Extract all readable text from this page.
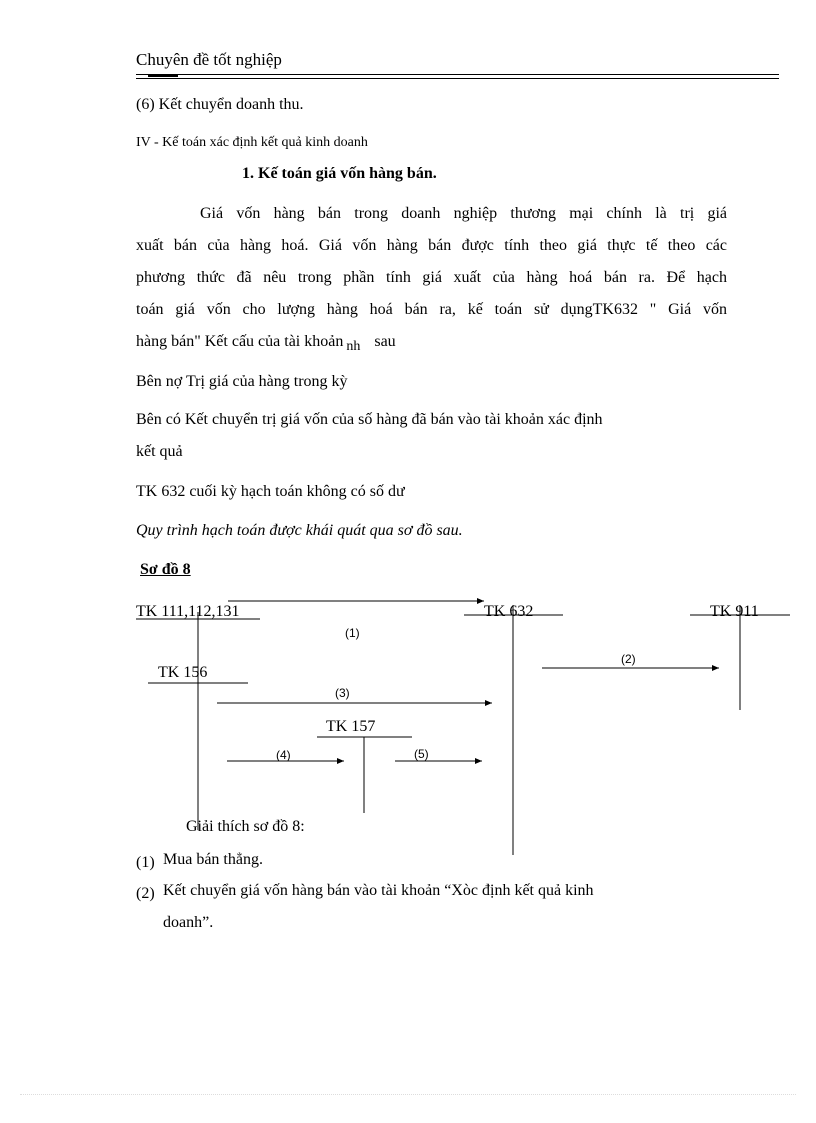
Chuyên đề tốt nghiệp
(6) Kết chuyển doanh thu.
IV - Kế toán xác định kết quả kinh doanh
1. Kế toán giá vốn hàng bán.
Giá vốn hàng bán trong doanh nghiệp thương mại chính là trị giá
xuất bán của hàng hoá. Giá vốn hàng bán được tính theo giá thực tế theo các
phương thức đã nêu trong phần tính giá xuất của hàng hoá bán ra. Để hạch
toán giá vốn cho lượng hàng hoá bán ra, kế toán sử dụngTK632 " Giá vốn
hàng bán" Kết cấu của tài khoản nh sau
Bên nợ Trị giá của hàng trong kỳ
Bên có Kết chuyển trị giá vốn của số hàng đã bán vào tài khoản xác định
kết quả
TK 632 cuối kỳ hạch toán không có số dư
Quy trình hạch toán được khái quát qua sơ đồ sau.
Sơ đồ 8
TK 111,112,131	TK 632	TK 911
TK 156
TK 157
(1)
(2)
(3)
(4)	(5)
Giải thích sơ đồ 8:
(1) Mua bán thẳng.
(2) Kết chuyển giá vốn hàng bán vào tài khoản “Xòc định kết quả kinh
doanh”.
